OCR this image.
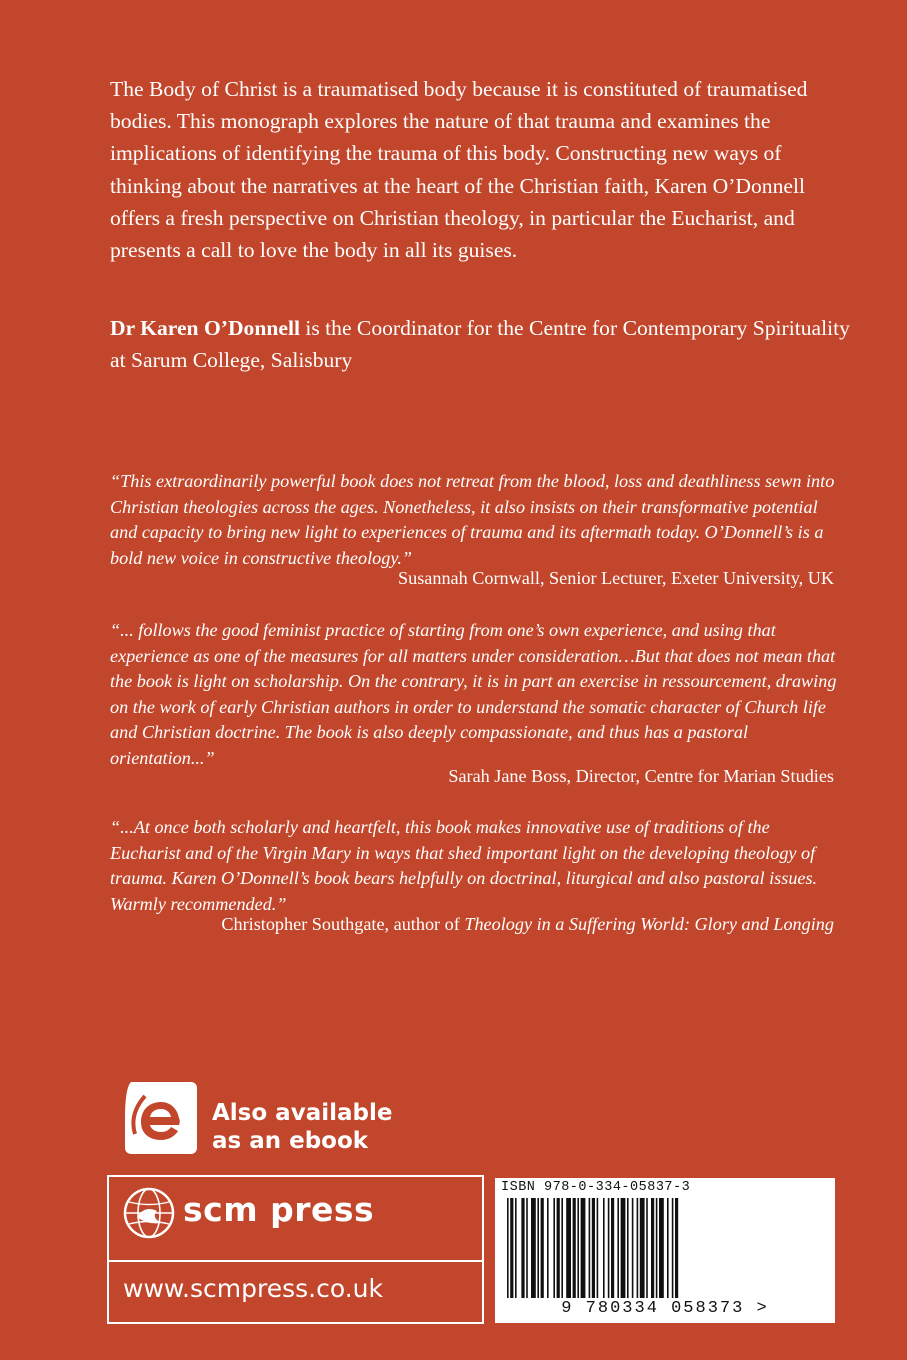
The Body of Christ is a traumatised body because it is constituted of traumatised bodies. This monograph explores the nature of that trauma and examines the implications of identifying the trauma of this body. Constructing new ways of thinking about the narratives at the heart of the Christian faith, Karen O’Donnell offers a fresh perspective on Christian theology, in particular the Eucharist, and presents a call to love the body in all its guises.

Dr Karen O’Donnell is the Coordinator for the Centre for Contemporary Spirituality at Sarum College, Salisbury

“This extraordinarily powerful book does not retreat from the blood, loss and deathliness sewn into Christian theologies across the ages. Nonetheless, it also insists on their transformative potential and capacity to bring new light to experiences of trauma and its aftermath today. O’Donnell’s is a bold new voice in constructive theology.”

Susannah Cornwall, Senior Lecturer, Exeter University, UK

“... follows the good feminist practice of starting from one’s own experience, and using that experience as one of the measures for all matters under consideration…But that does not mean that the book is light on scholarship. On the contrary, it is in part an exercise in ressourcement, drawing on the work of early Christian authors in order to understand the somatic character of Church life and Christian doctrine. The book is also deeply compassionate, and thus has a pastoral orientation...”

Sarah Jane Boss, Director, Centre for Marian Studies

“...At once both scholarly and heartfelt, this book makes innovative use of traditions of the Eucharist and of the Virgin Mary in ways that shed important light on the developing theology of trauma. Karen O’Donnell’s book bears helpfully on doctrinal, liturgical and also pastoral issues. Warmly recommended.”

Christopher Southgate, author of Theology in a Suffering World: Glory and Longing

Also available
as an ebook
scm press
www.scmpress.co.uk
ISBN 978-0-334-05837-3
9 780334 058373 >
